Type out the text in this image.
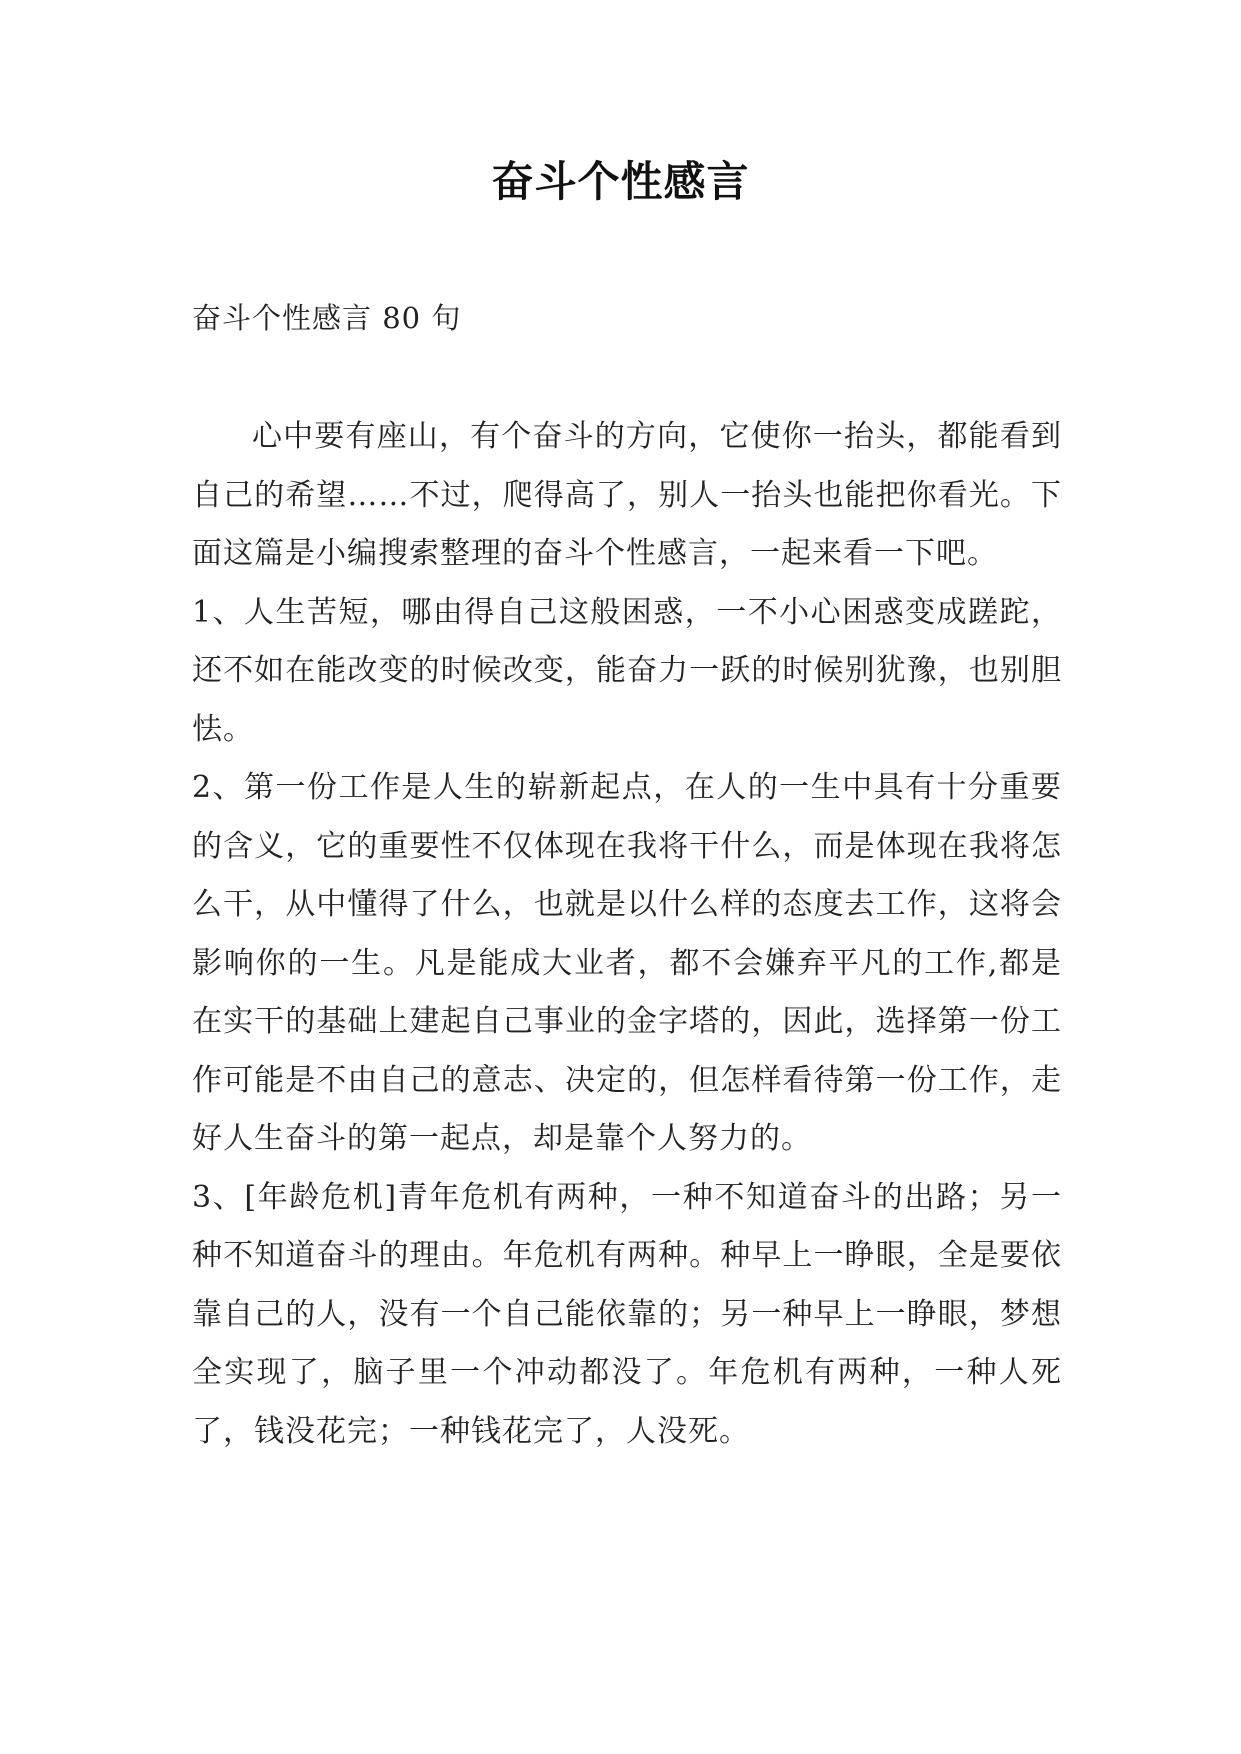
奋斗个性感言
奋斗个性感言 80 句

心中要有座山，有个奋斗的方向，它使你一抬头，都能看到自己的希望……不过，爬得高了，别人一抬头也能把你看光。下面这篇是小编搜索整理的奋斗个性感言，一起来看一下吧。

1、人生苦短，哪由得自己这般困惑，一不小心困惑变成蹉跎，还不如在能改变的时候改变，能奋力一跃的时候别犹豫，也别胆怯。

2、第一份工作是人生的崭新起点，在人的一生中具有十分重要的含义，它的重要性不仅体现在我将干什么，而是体现在我将怎么干，从中懂得了什么，也就是以什么样的态度去工作，这将会影响你的一生。凡是能成大业者，都不会嫌弃平凡的工作,都是在实干的基础上建起自己事业的金字塔的，因此，选择第一份工作可能是不由自己的意志、决定的，但怎样看待第一份工作，走好人生奋斗的第一起点，却是靠个人努力的。

3、[年龄危机]青年危机有两种，一种不知道奋斗的出路；另一种不知道奋斗的理由。年危机有两种。种早上一睁眼，全是要依靠自己的人，没有一个自己能依靠的；另一种早上一睁眼，梦想全实现了，脑子里一个冲动都没了。年危机有两种，一种人死了，钱没花完；一种钱花完了，人没死。
